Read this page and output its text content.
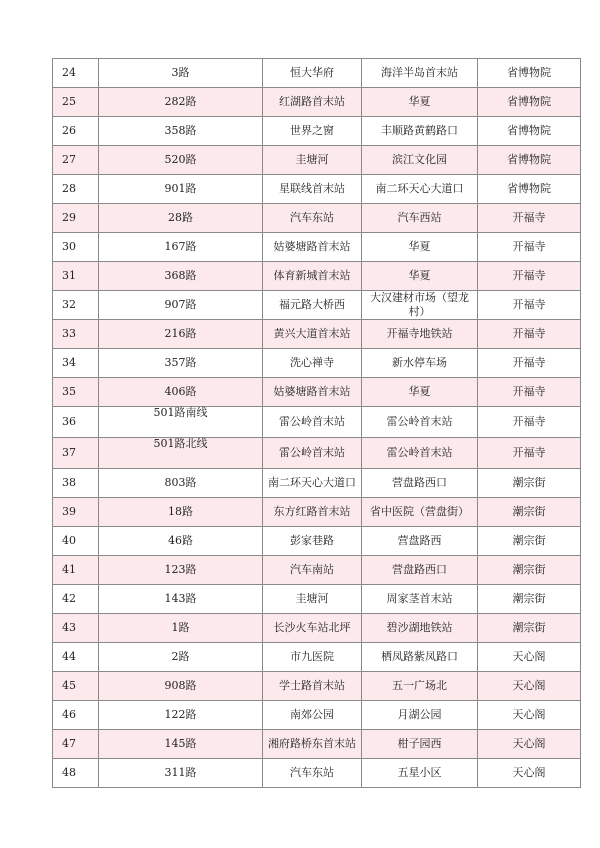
24	3路	恒大华府	海洋半岛首末站	省博物院
25	282路	红湖路首末站	华夏	省博物院
26	358路	世界之窗	丰顺路黄鹤路口	省博物院
27	520路	圭塘河	滨江文化园	省博物院
28	901路	星联线首末站	南二环天心大道口	省博物院
29	28路	汽车东站	汽车西站	开福寺
30	167路	姑婆塘路首末站	华夏	开福寺
31	368路	体育新城首末站	华夏	开福寺
32	907路	福元路大桥西	大汉建材市场（望龙村）	开福寺
33	216路	黄兴大道首末站	开福寺地铁站	开福寺
34	357路	洗心禅寺	新水停车场	开福寺
35	406路	姑婆塘路首末站	华夏	开福寺
36	501路南线	雷公岭首末站	雷公岭首末站	开福寺
37	501路北线	雷公岭首末站	雷公岭首末站	开福寺
38	803路	南二环天心大道口	营盘路西口	潮宗街
39	18路	东方红路首末站	省中医院（营盘街）	潮宗街
40	46路	彭家巷路	营盘路西	潮宗街
41	123路	汽车南站	营盘路西口	潮宗街
42	143路	圭塘河	周家茎首末站	潮宗街
43	1路	长沙火车站北坪	碧沙湖地铁站	潮宗街
44	2路	市九医院	栖凤路紫凤路口	天心阁
45	908路	学士路首末站	五一广场北	天心阁
46	122路	南郊公园	月湖公园	天心阁
47	145路	湘府路桥东首末站	柑子园西	天心阁
48	311路	汽车东站	五星小区	天心阁
